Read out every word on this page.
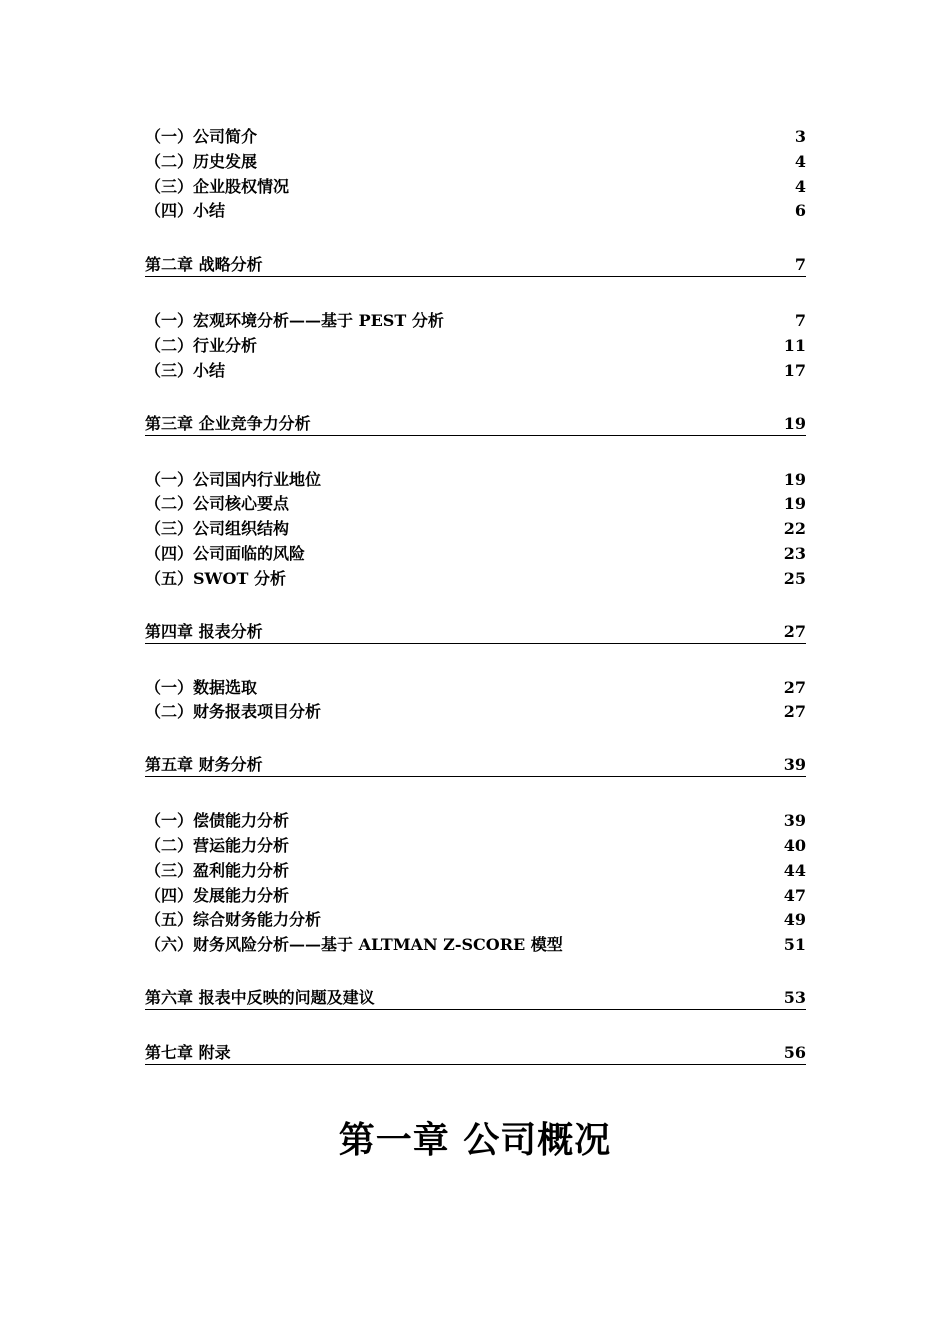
（一）公司简介	3
（二）历史发展	4
（三）企业股权情况	4
（四）小结	6
第二章 战略分析	7
（一）宏观环境分析——基于 PEST 分析	7
（二）行业分析	11
（三）小结	17
第三章 企业竞争力分析	19
（一）公司国内行业地位	19
（二）公司核心要点	19
（三）公司组织结构	22
（四）公司面临的风险	23
（五）SWOT 分析	25
第四章 报表分析	27
（一）数据选取	27
（二）财务报表项目分析	27
第五章 财务分析	39
（一）偿债能力分析	39
（二）营运能力分析	40
（三）盈利能力分析	44
（四）发展能力分析	47
（五）综合财务能力分析	49
（六）财务风险分析——基于 ALTMAN Z-SCORE 模型	51
第六章 报表中反映的问题及建议	53
第七章 附录	56
第一章 公司概况
